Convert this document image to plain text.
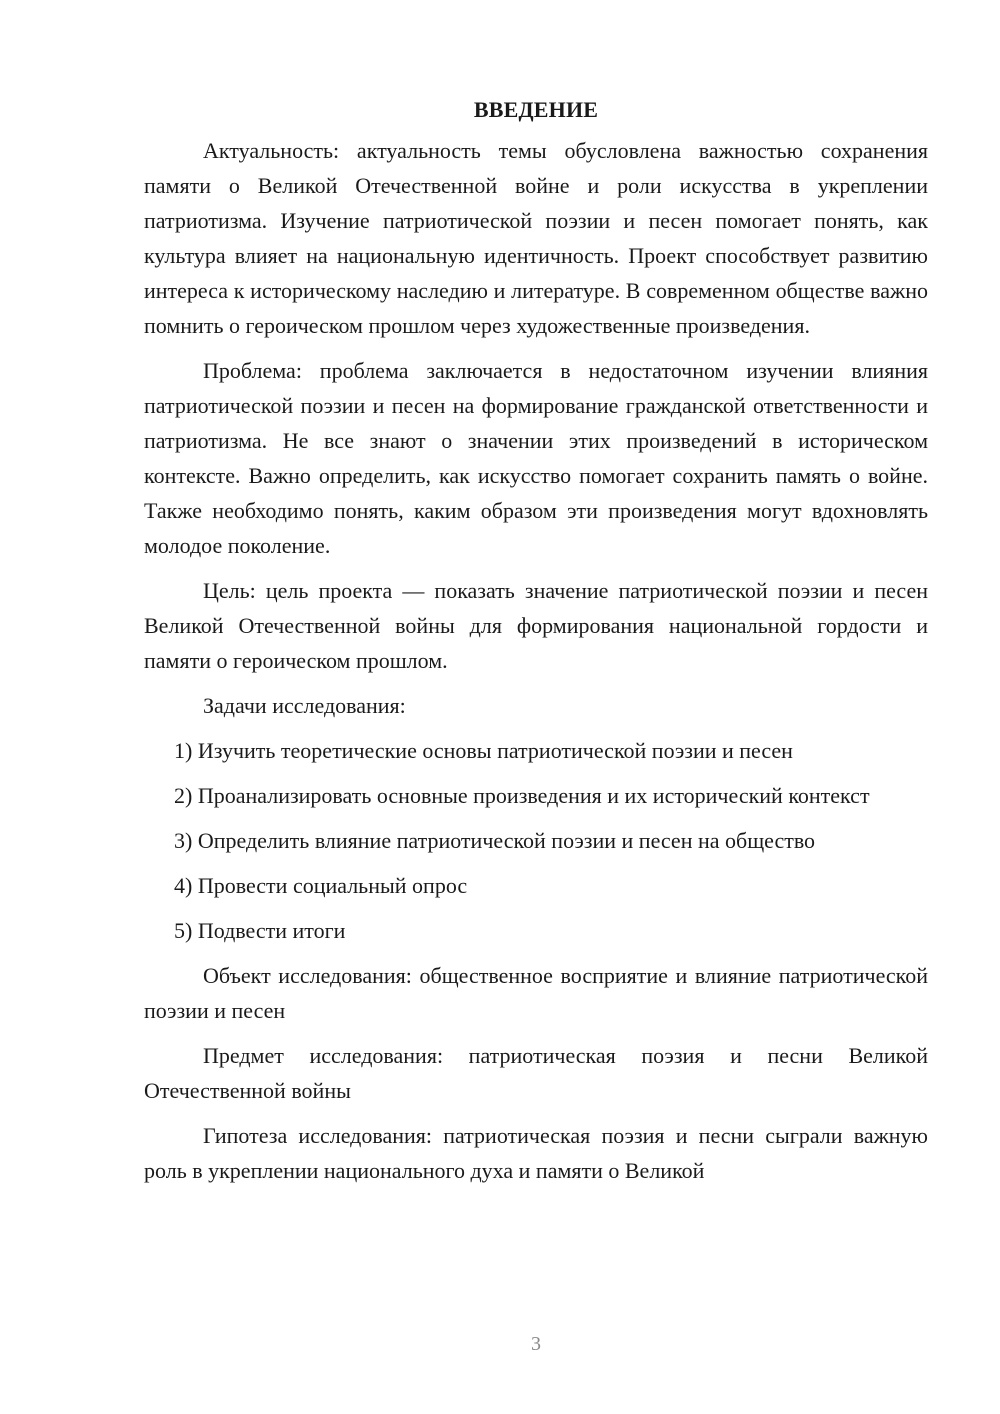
ВВЕДЕНИЕ

Актуальность: актуальность темы обусловлена важностью сохранения памяти о Великой Отечественной войне и роли искусства в укреплении патриотизма. Изучение патриотической поэзии и песен помогает понять, как культура влияет на национальную идентичность. Проект способствует развитию интереса к историческому наследию и литературе. В современном обществе важно помнить о героическом прошлом через художественные произведения.

Проблема: проблема заключается в недостаточном изучении влияния патриотической поэзии и песен на формирование гражданской ответственности и патриотизма. Не все знают о значении этих произведений в историческом контексте. Важно определить, как искусство помогает сохранить память о войне. Также необходимо понять, каким образом эти произведения могут вдохновлять молодое поколение.

Цель: цель проекта — показать значение патриотической поэзии и песен Великой Отечественной войны для формирования национальной гордости и памяти о героическом прошлом.

Задачи исследования:

1) Изучить теоретические основы патриотической поэзии и песен

2) Проанализировать основные произведения и их исторический контекст

3) Определить влияние патриотической поэзии и песен на общество

4) Провести социальный опрос

5) Подвести итоги

Объект исследования: общественное восприятие и влияние патриотической поэзии и песен

Предмет исследования: патриотическая поэзия и песни Великой Отечественной войны

Гипотеза исследования: патриотическая поэзия и песни сыграли важную роль в укреплении национального духа и памяти о Великой

3
